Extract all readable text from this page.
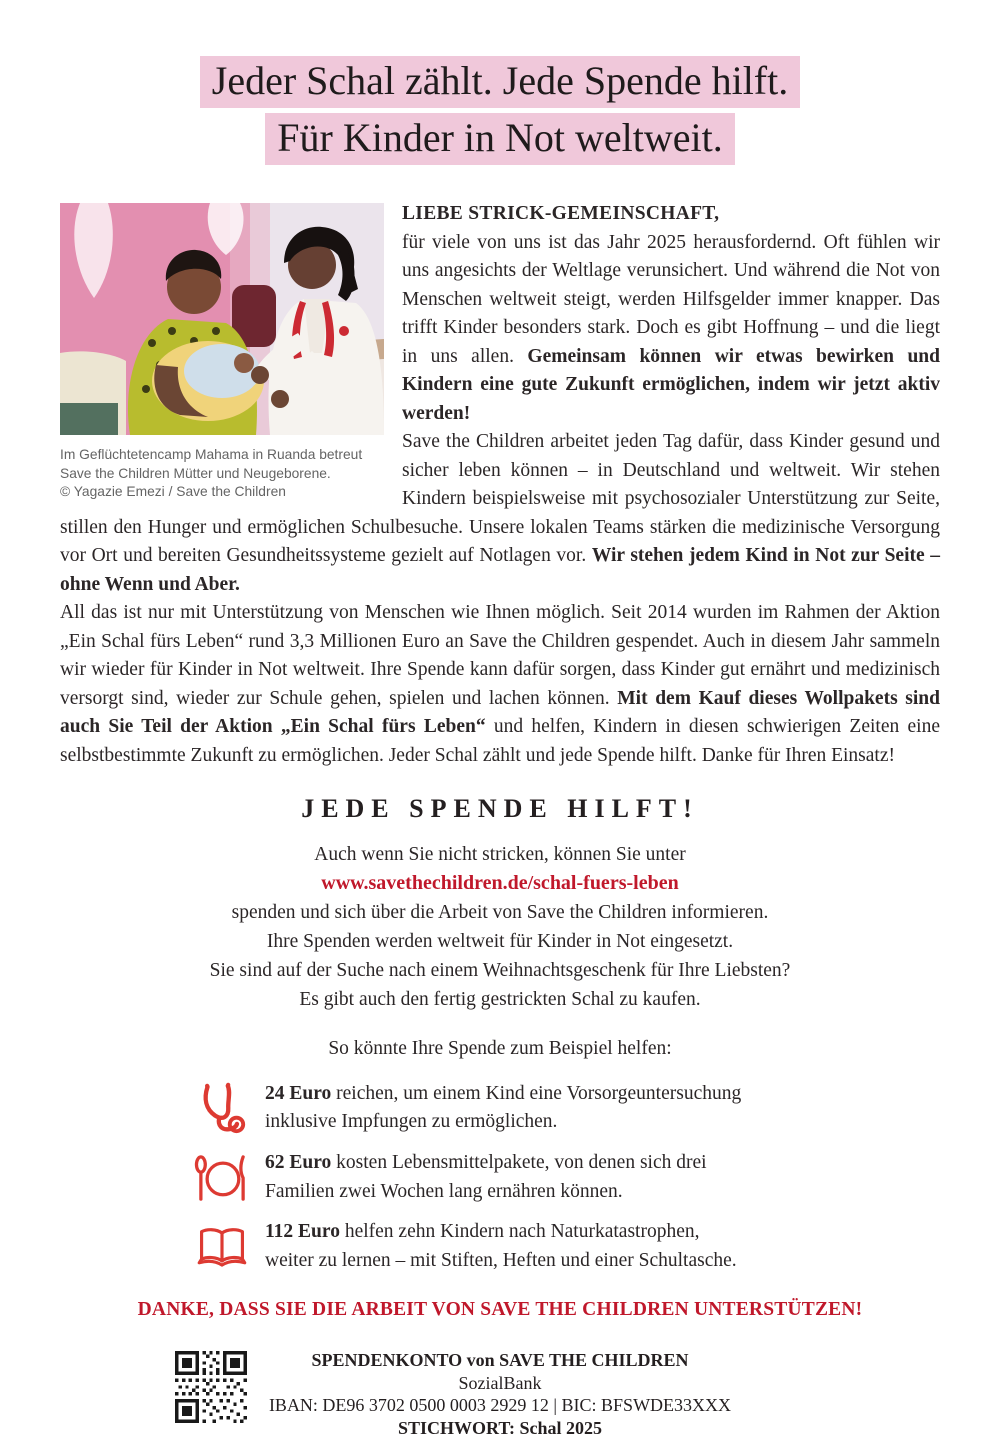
Jeder Schal zählt. Jede Spende hilft.
Für Kinder in Not weltweit.
Im Geflüchtetencamp Mahama in Ruanda betreut
Save the Children Mütter und Neugeborene.
© Yagazie Emezi / Save the Children
LIEBE STRICK-GEMEINSCHAFT,

für viele von uns ist das Jahr 2025 herausfordernd. Oft fühlen wir uns angesichts der Weltlage verunsichert. Und während die Not von Menschen weltweit steigt, werden Hilfsgelder immer knapper. Das trifft Kinder besonders stark. Doch es gibt Hoffnung – und die liegt in uns allen. Gemeinsam können wir etwas bewirken und Kindern eine gute Zukunft ermöglichen, indem wir jetzt aktiv werden!

Save the Children arbeitet jeden Tag dafür, dass Kinder gesund und sicher leben können – in Deutschland und weltweit. Wir stehen Kindern beispielsweise mit psychosozialer Unterstützung zur Seite, stillen den Hunger und ermöglichen Schulbesuche. Unsere lokalen Teams stärken die medizinische Versorgung vor Ort und bereiten Gesundheitssysteme gezielt auf Notlagen vor. Wir stehen jedem Kind in Not zur Seite – ohne Wenn und Aber.

All das ist nur mit Unterstützung von Menschen wie Ihnen möglich. Seit 2014 wurden im Rahmen der Aktion „Ein Schal fürs Leben“ rund 3,3 Millionen Euro an Save the Children gespendet. Auch in diesem Jahr sammeln wir wieder für Kinder in Not weltweit. Ihre Spende kann dafür sorgen, dass Kinder gut ernährt und medizinisch versorgt sind, wieder zur Schule gehen, spielen und lachen können. Mit dem Kauf dieses Wollpakets sind auch Sie Teil der Aktion „Ein Schal fürs Leben“ und helfen, Kindern in diesen schwierigen Zeiten eine selbstbestimmte Zukunft zu ermöglichen. Jeder Schal zählt und jede Spende hilft. Danke für Ihren Einsatz!

JEDE SPENDE HILFT!
Auch wenn Sie nicht stricken, können Sie unter
www.savethechildren.de/schal-fuers-leben
spenden und sich über die Arbeit von Save the Children informieren.
Ihre Spenden werden weltweit für Kinder in Not eingesetzt.
Sie sind auf der Suche nach einem Weihnachtsgeschenk für Ihre Liebsten?
Es gibt auch den fertig gestrickten Schal zu kaufen.
So könnte Ihre Spende zum Beispiel helfen:
24 Euro reichen, um einem Kind eine Vorsorgeuntersuchung
inklusive Impfungen zu ermöglichen.
62 Euro kosten Lebensmittelpakete, von denen sich drei
Familien zwei Wochen lang ernähren können.
112 Euro helfen zehn Kindern nach Naturkatastrophen,
weiter zu lernen – mit Stiften, Heften und einer Schultasche.
DANKE, DASS SIE DIE ARBEIT VON SAVE THE CHILDREN UNTERSTÜTZEN!
SPENDENKONTO von SAVE THE CHILDREN
SozialBank
IBAN: DE96 3702 0500 0003 2929 12 | BIC: BFSWDE33XXX
STICHWORT: Schal 2025
